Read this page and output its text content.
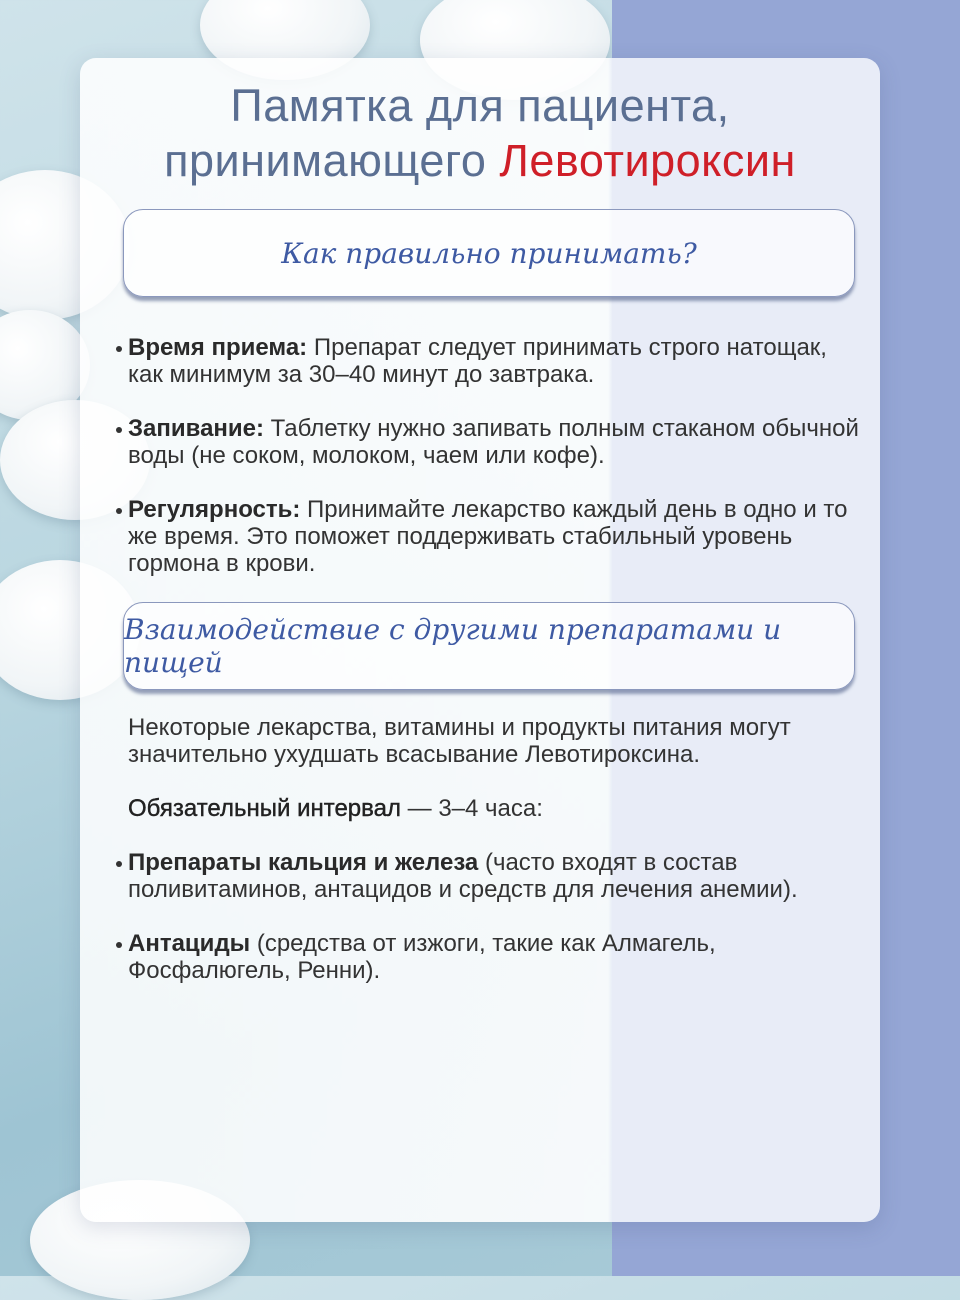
Памятка для пациента,
принимающего Левотироксин
Как правильно принимать?
Время приема: Препарат следует принимать строго натощак, как минимум за 30–40 минут до завтрака.
Запивание: Таблетку нужно запивать полным стаканом обычной воды (не соком, молоком, чаем или кофе).
Регулярность: Принимайте лекарство каждый день в одно и то же время. Это поможет поддерживать стабильный уровень гормона в крови.
Взаимодействие с другими препаратами и пищей
Некоторые лекарства, витамины и продукты питания могут значительно ухудшать всасывание Левотироксина.
Обязательный интервал — 3–4 часа:
Препараты кальция и железа (часто входят в состав поливитаминов, антацидов и средств для лечения анемии).
Антациды (средства от изжоги, такие как Алмагель, Фосфалюгель, Ренни).
